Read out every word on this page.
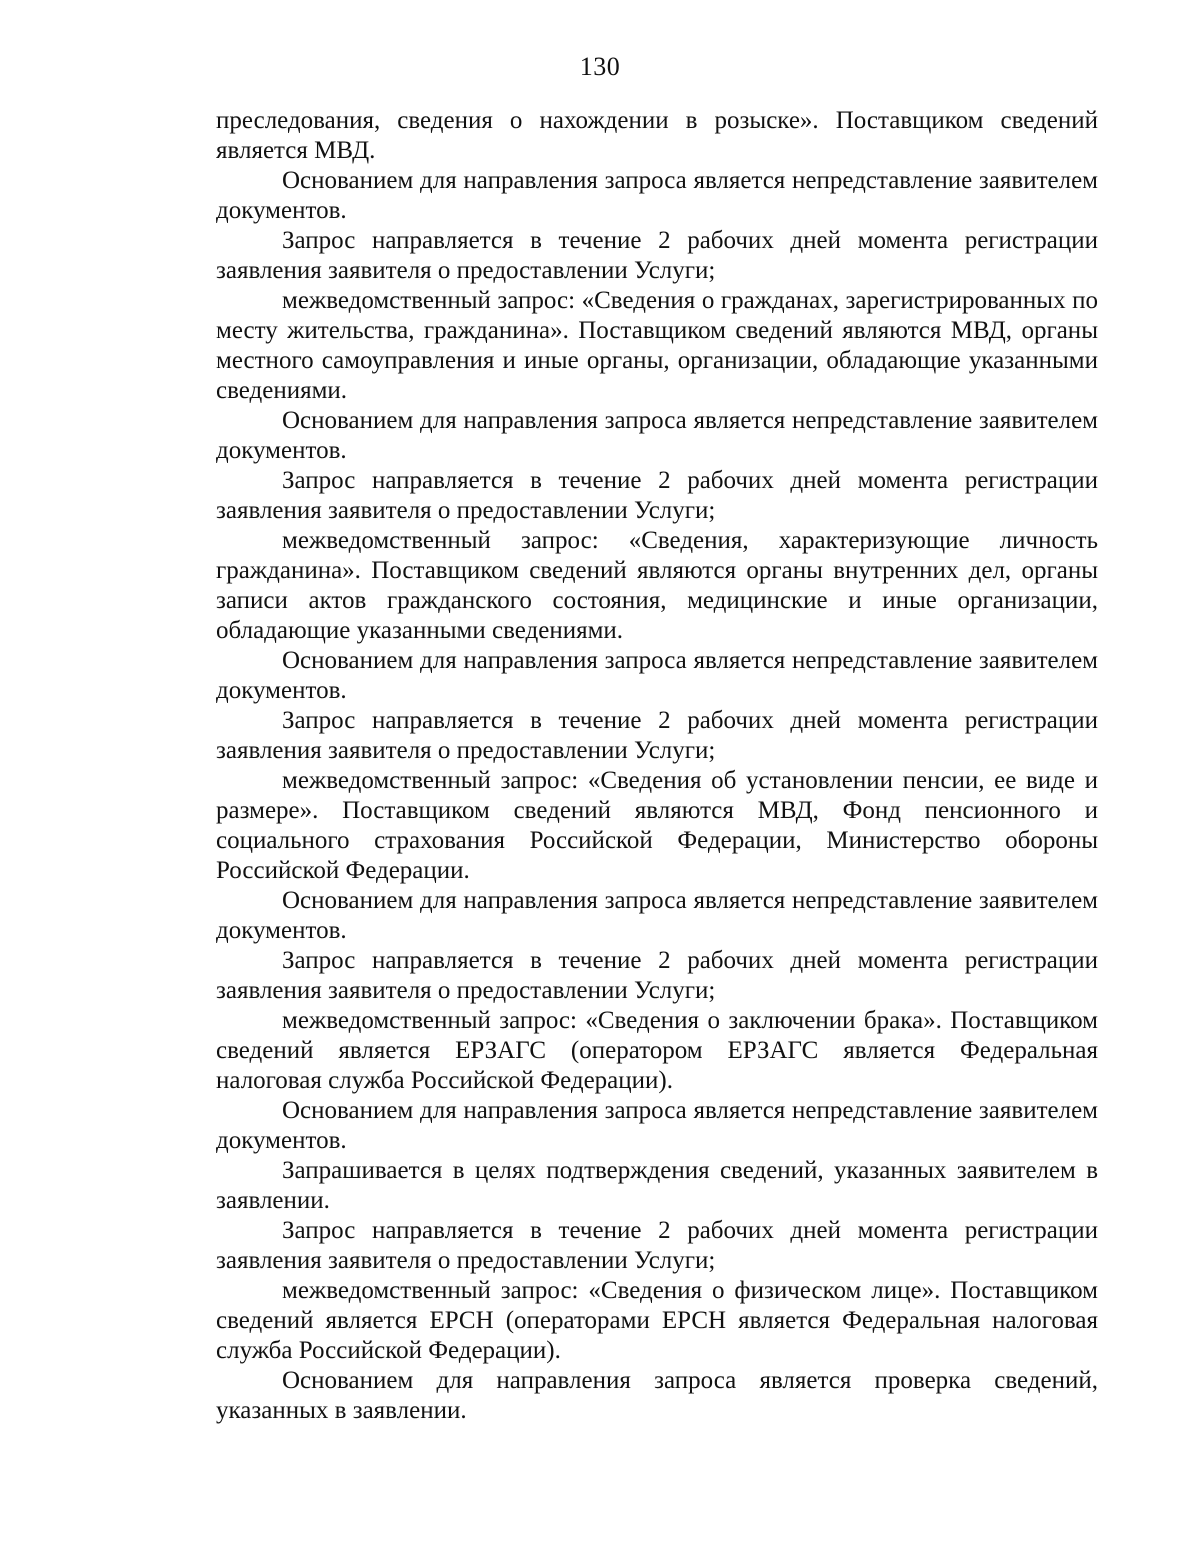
130

преследования, сведения о нахождении в розыске». Поставщиком сведений является МВД.

Основанием для направления запроса является непредставление заявителем документов.

Запрос направляется в течение 2 рабочих дней момента регистрации заявления заявителя о предоставлении Услуги;

межведомственный запрос: «Сведения о гражданах, зарегистрированных по месту жительства, гражданина». Поставщиком сведений являются МВД, органы местного самоуправления и иные органы, организации, обладающие указанными сведениями.

Основанием для направления запроса является непредставление заявителем документов.

Запрос направляется в течение 2 рабочих дней момента регистрации заявления заявителя о предоставлении Услуги;

межведомственный запрос: «Сведения, характеризующие личность гражданина». Поставщиком сведений являются органы внутренних дел, органы записи актов гражданского состояния, медицинские и иные организации, обладающие указанными сведениями.

Основанием для направления запроса является непредставление заявителем документов.

Запрос направляется в течение 2 рабочих дней момента регистрации заявления заявителя о предоставлении Услуги;

межведомственный запрос: «Сведения об установлении пенсии, ее виде и размере». Поставщиком сведений являются МВД, Фонд пенсионного и социального страхования Российской Федерации, Министерство обороны Российской Федерации.

Основанием для направления запроса является непредставление заявителем документов.

Запрос направляется в течение 2 рабочих дней момента регистрации заявления заявителя о предоставлении Услуги;

межведомственный запрос: «Сведения о заключении брака». Поставщиком сведений является ЕРЗАГС (оператором ЕРЗАГС является Федеральная налоговая служба Российской Федерации).

Основанием для направления запроса является непредставление заявителем документов.

Запрашивается в целях подтверждения сведений, указанных заявителем в заявлении.

Запрос направляется в течение 2 рабочих дней момента регистрации заявления заявителя о предоставлении Услуги;

межведомственный запрос: «Сведения о физическом лице». Поставщиком сведений является ЕРСН (операторами ЕРСН является Федеральная налоговая служба Российской Федерации).

Основанием для направления запроса является проверка сведений, указанных в заявлении.
